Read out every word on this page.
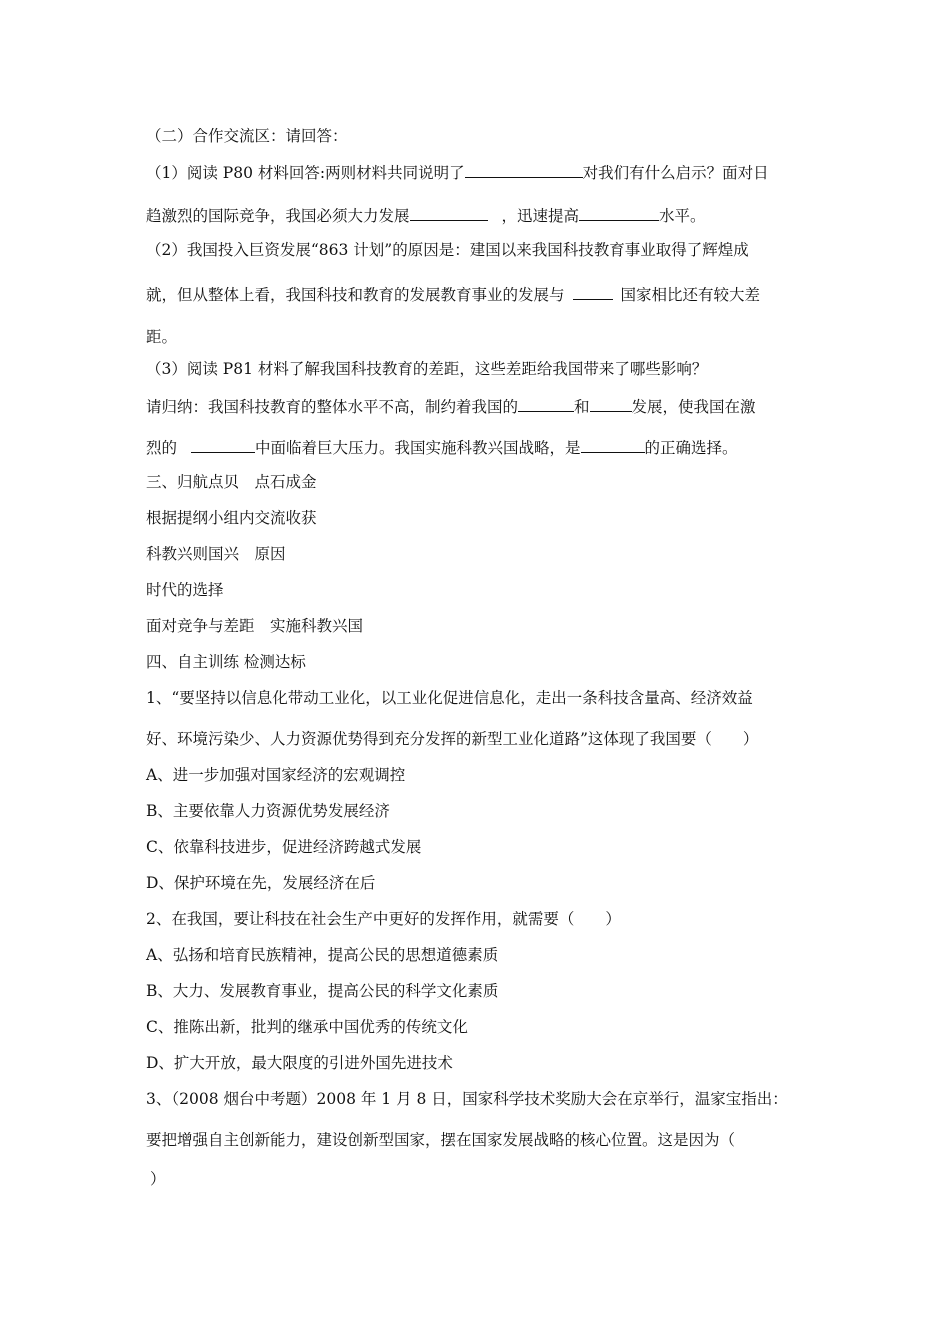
（二）合作交流区：请回答：
（1）阅读 P80 材料回答:两则材料共同说明了	对我们有什么启示？面对日
趋激烈的国际竞争，我国必须大力发展	，迅速提高	水平。
（2）我国投入巨资发展“863 计划”的原因是：建国以来我国科技教育事业取得了辉煌成
就，但从整体上看，我国科技和教育的发展教育事业的发展与	国家相比还有较大差
距。
（3）阅读 P81 材料了解我国科技教育的差距，这些差距给我国带来了哪些影响？
请归纳：我国科技教育的整体水平不高，制约着我国的	和	发展，使我国在激
烈的	中面临着巨大压力。我国实施科教兴国战略，是	的正确选择。
三、归航点贝　点石成金
根据提纲小组内交流收获
科教兴则国兴　原因
时代的选择
面对竞争与差距　实施科教兴国
四、自主训练 检测达标
1、“要坚持以信息化带动工业化，以工业化促进信息化，走出一条科技含量高、经济效益
好、环境污染少、人力资源优势得到充分发挥的新型工业化道路”这体现了我国要（　　）
A、进一步加强对国家经济的宏观调控
B、主要依靠人力资源优势发展经济
C、依靠科技进步，促进经济跨越式发展
D、保护环境在先，发展经济在后
2、在我国，要让科技在社会生产中更好的发挥作用，就需要（　　）
A、弘扬和培育民族精神，提高公民的思想道德素质
B、大力、发展教育事业，提高公民的科学文化素质
C、推陈出新，批判的继承中国优秀的传统文化
D、扩大开放，最大限度的引进外国先进技术
3、（2008 烟台中考题）2008 年 1 月 8 日，国家科学技术奖励大会在京举行，温家宝指出：
要把增强自主创新能力，建设创新型国家，摆在国家发展战略的核心位置。这是因为（
）
